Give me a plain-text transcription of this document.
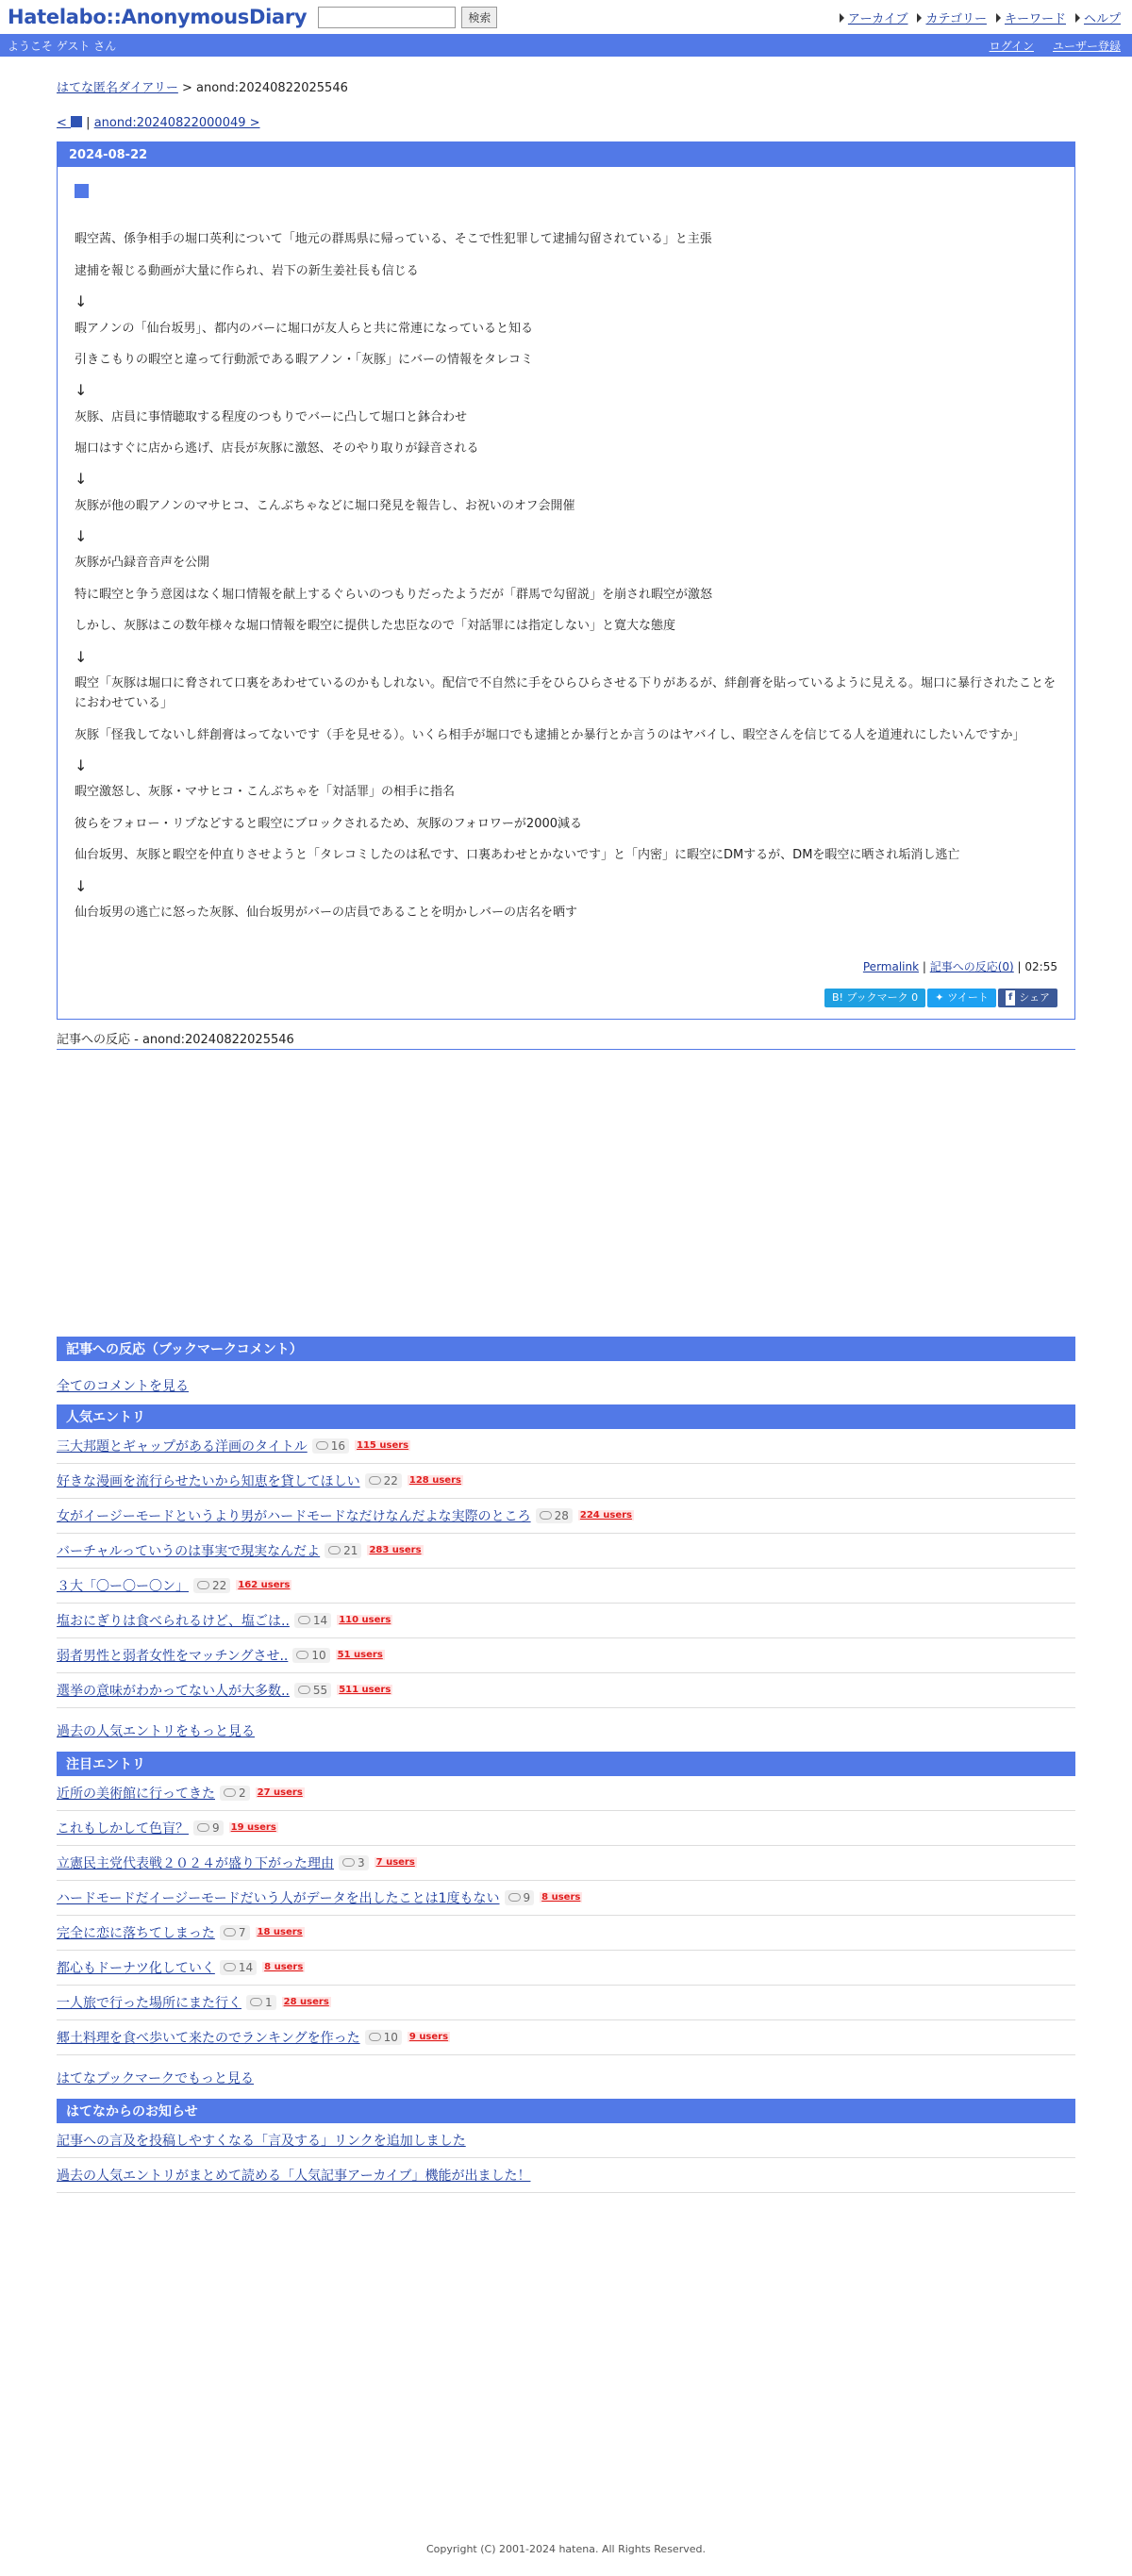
Hatelabo::AnonymousDiary	検索	アーカイブ カテゴリー キーワード ヘルプ
ようこそ ゲスト さん	ログイン ユーザー登録
はてな匿名ダイアリー > anond:20240822025546
<  | anond:20240822000049 >
2024-08-22

暇空茜、係争相手の堀口英利について「地元の群馬県に帰っている、そこで性犯罪して逮捕勾留されている」と主張

逮捕を報じる動画が大量に作られ、岩下の新生姜社長も信じる

↓

暇アノンの「仙台坂男」、都内のバーに堀口が友人らと共に常連になっていると知る

引きこもりの暇空と違って行動派である暇アノン・「灰豚」にバーの情報をタレコミ

↓

灰豚、店員に事情聴取する程度のつもりでバーに凸して堀口と鉢合わせ

堀口はすぐに店から逃げ、店長が灰豚に激怒、そのやり取りが録音される

↓

灰豚が他の暇アノンのマサヒコ、こんぶちゃなどに堀口発見を報告し、お祝いのオフ会開催

↓

灰豚が凸録音音声を公開

特に暇空と争う意図はなく堀口情報を献上するぐらいのつもりだったようだが「群馬で勾留説」を崩され暇空が激怒

しかし、灰豚はこの数年様々な堀口情報を暇空に提供した忠臣なので「対話罪には指定しない」と寛大な態度

↓

暇空「灰豚は堀口に脅されて口裏をあわせているのかもしれない。配信で不自然に手をひらひらさせる下りがあるが、絆創膏を貼っているように見える。堀口に暴行されたことをにおわせている」

灰豚「怪我してないし絆創膏はってないです（手を見せる）。いくら相手が堀口でも逮捕とか暴行とか言うのはヤバイし、暇空さんを信じてる人を道連れにしたいんですか」

↓

暇空激怒し、灰豚・マサヒコ・こんぶちゃを「対話罪」の相手に指名

彼らをフォロー・リプなどすると暇空にブロックされるため、灰豚のフォロワーが2000減る

仙台坂男、灰豚と暇空を仲直りさせようと「タレコミしたのは私です、口裏あわせとかないです」と「内密」に暇空にDMするが、DMを暇空に晒され垢消し逃亡

↓

仙台坂男の逃亡に怒った灰豚、仙台坂男がバーの店員であることを明かしバーの店名を晒す

Permalink | 記事への反応(0) | 02:55
B! ブックマーク 0	✦ ツイート	f シェア
記事への反応 - anond:20240822025546
記事への反応（ブックマークコメント）
全てのコメントを見る
人気エントリ
三大邦題とギャップがある洋画のタイトル 16 115 users
好きな漫画を流行らせたいから知恵を貸してほしい 22 128 users
女がイージーモードというより男がハードモードなだけなんだよな実際のところ 28 224 users
バーチャルっていうのは事実で現実なんだよ 21 283 users
３大「〇ー〇ー〇ン」 22 162 users
塩おにぎりは食べられるけど、塩ごは.. 14 110 users
弱者男性と弱者女性をマッチングさせ.. 10 51 users
選挙の意味がわかってない人が大多数.. 55 511 users
過去の人気エントリをもっと見る
注目エントリ
近所の美術館に行ってきた 2 27 users
これもしかして色盲？ 9 19 users
立憲民主党代表戦２０２４が盛り下がった理由 3 7 users
ハードモードだイージーモードだいう人がデータを出したことは1度もない 9 8 users
完全に恋に落ちてしまった 7 18 users
都心もドーナツ化していく 14 8 users
一人旅で行った場所にまた行く 1 28 users
郷土料理を食べ歩いて来たのでランキングを作った 10 9 users
はてなブックマークでもっと見る
はてなからのお知らせ
記事への言及を投稿しやすくなる「言及する」リンクを追加しました
過去の人気エントリがまとめて読める「人気記事アーカイブ」機能が出ました！
Copyright (C) 2001-2024 hatena. All Rights Reserved.
